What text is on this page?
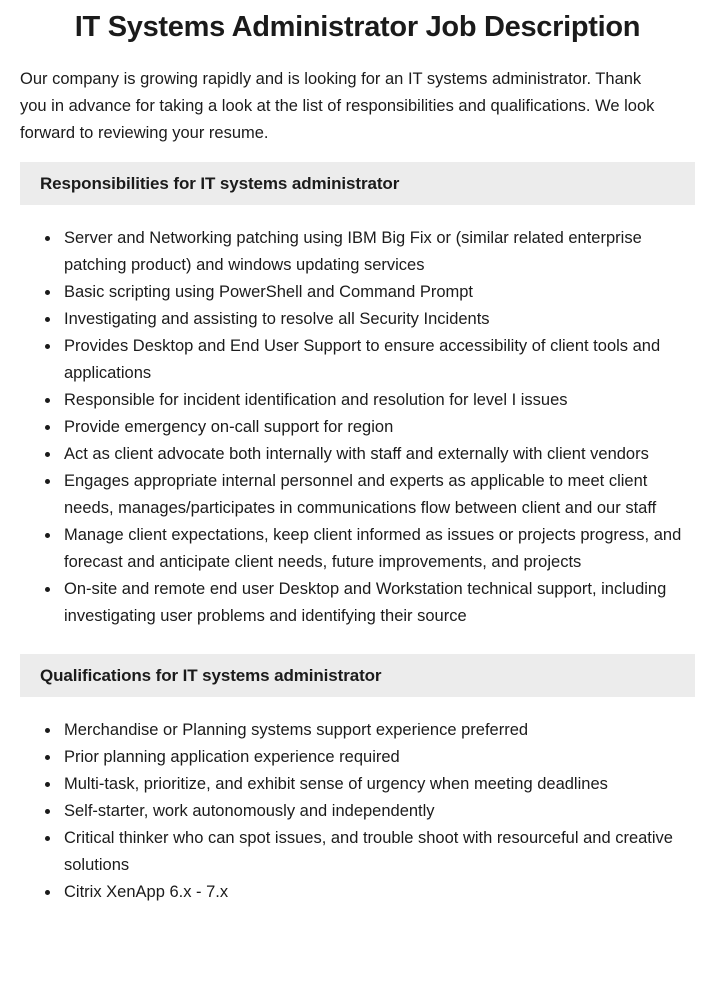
IT Systems Administrator Job Description

Our company is growing rapidly and is looking for an IT systems administrator. Thank you in advance for taking a look at the list of responsibilities and qualifications. We look forward to reviewing your resume.

Responsibilities for IT systems administrator
• Server and Networking patching using IBM Big Fix or (similar related enterprise patching product) and windows updating services
• Basic scripting using PowerShell and Command Prompt
• Investigating and assisting to resolve all Security Incidents
• Provides Desktop and End User Support to ensure accessibility of client tools and applications
• Responsible for incident identification and resolution for level I issues
• Provide emergency on-call support for region
• Act as client advocate both internally with staff and externally with client vendors
• Engages appropriate internal personnel and experts as applicable to meet client needs, manages/participates in communications flow between client and our staff
• Manage client expectations, keep client informed as issues or projects progress, and forecast and anticipate client needs, future improvements, and projects
• On-site and remote end user Desktop and Workstation technical support, including investigating user problems and identifying their source
Qualifications for IT systems administrator
• Merchandise or Planning systems support experience preferred
• Prior planning application experience required
• Multi-task, prioritize, and exhibit sense of urgency when meeting deadlines
• Self-starter, work autonomously and independently
• Critical thinker who can spot issues, and trouble shoot with resourceful and creative solutions
• Citrix XenApp 6.x - 7.x
